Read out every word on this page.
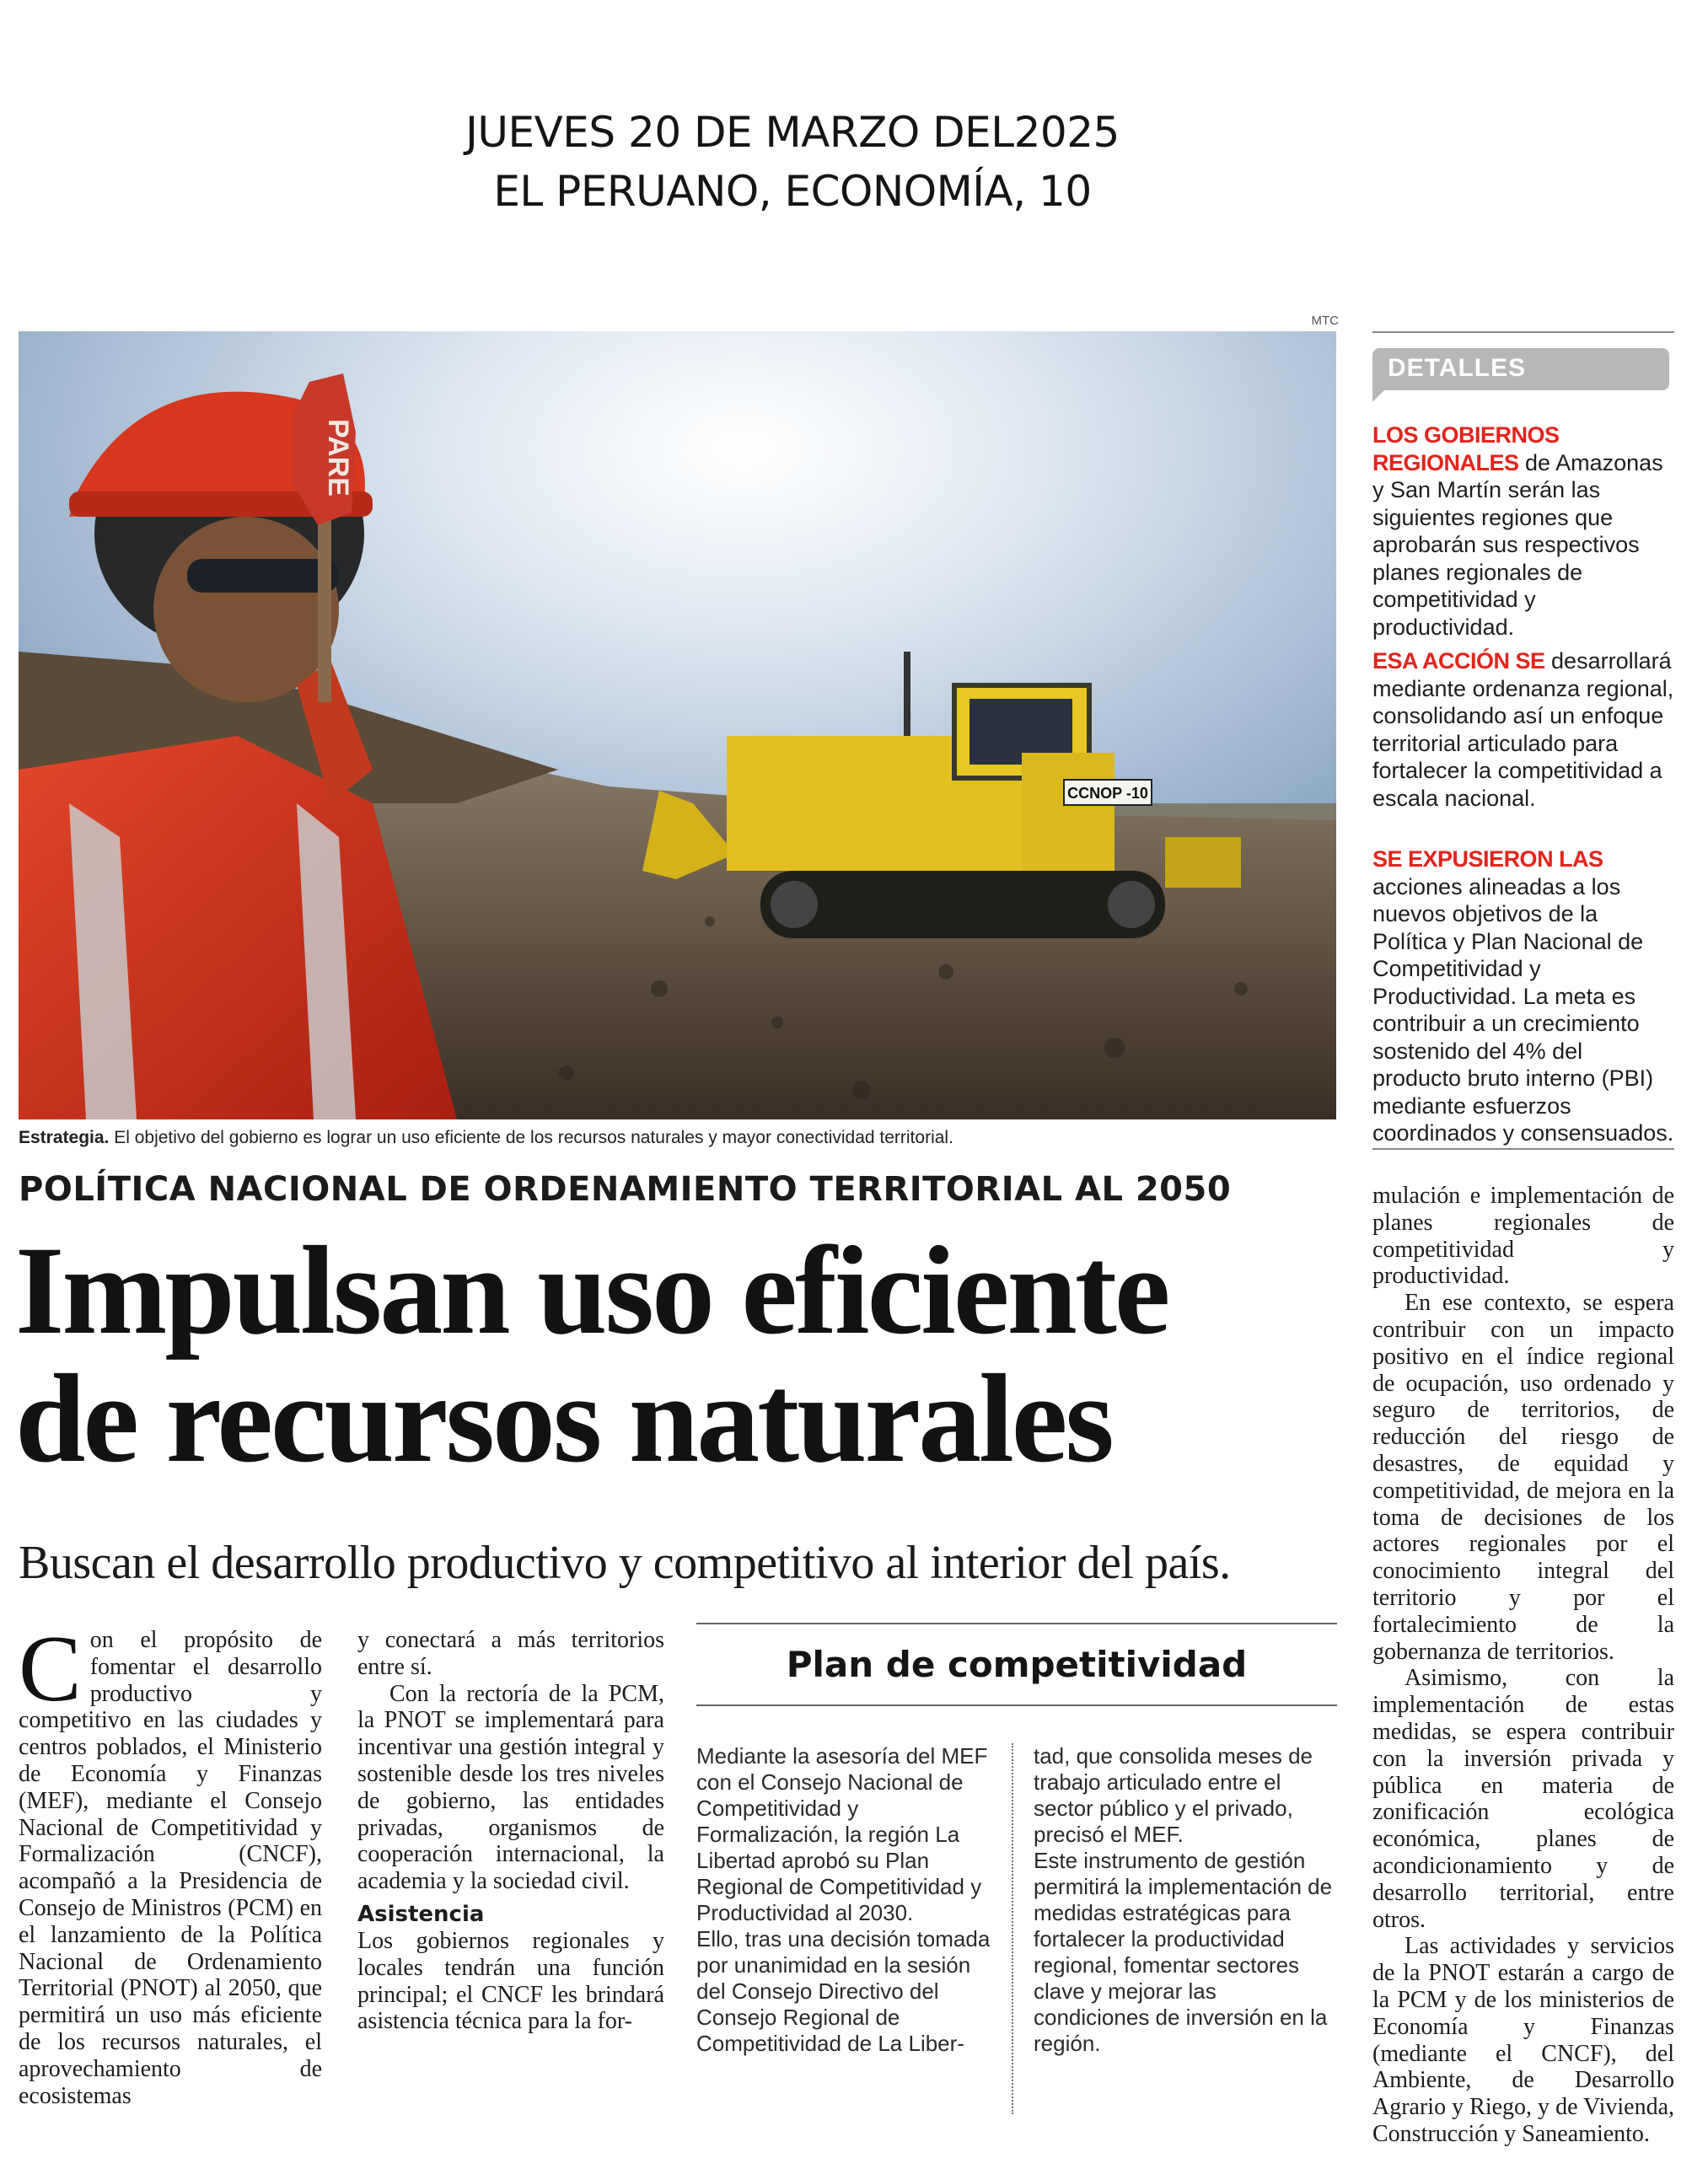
JUEVES 20 DE MARZO DEL2025
EL PERUANO, ECONOMÍA, 10
MTC
CCNOP -10
PARE
Estrategia. El objetivo del gobierno es lograr un uso eficiente de los recursos naturales y mayor conectividad territorial.
POLÍTICA NACIONAL DE ORDENAMIENTO TERRITORIAL AL 2050
Impulsan uso eficiente
de recursos naturales
Buscan el desarrollo productivo y competitivo al interior del país.
C on el propósito de fomentar el desarrollo productivo y competitivo en las ciudades y centros poblados, el Ministerio de Economía y Finanzas (MEF), mediante el Consejo Nacional de Competitividad y Formalización (CNCF), acompañó a la Presidencia de Consejo de Ministros (PCM) en el lanzamiento de la Política Nacional de Ordenamiento Territorial (PNOT) al 2050, que permitirá un uso más eficiente de los recursos naturales, el aprovechamiento de ecosistemas

y conectará a más territorios entre sí.

Con la rectoría de la PCM, la PNOT se implementará para incentivar una gestión integral y sostenible desde los tres niveles de gobierno, las entidades privadas, organismos de cooperación internacional, la academia y la sociedad civil.

Asistencia

Los gobiernos regionales y locales tendrán una función principal; el CNCF les brindará asistencia técnica para la for-

Plan de competitividad

Mediante la asesoría del MEF con el Consejo Nacional de Competitividad y Formalización, la región La Libertad aprobó su Plan Regional de Competitividad y Productividad al 2030.

Ello, tras una decisión tomada por unanimidad en la sesión del Consejo Directivo del Consejo Regional de Competitividad de La Liber-

tad, que consolida meses de trabajo articulado entre el sector público y el privado, precisó el MEF.

Este instrumento de gestión permitirá la implementación de medidas estratégicas para fortalecer la productividad regional, fomentar sectores clave y mejorar las condiciones de inversión en la región.

DETALLES

LOS GOBIERNOS REGIONALES de Amazonas y San Martín serán las siguientes regiones que aprobarán sus respectivos planes regionales de competitividad y productividad.

ESA ACCIÓN SE desarrollará mediante ordenanza regional, consolidando así un enfoque territorial articulado para fortalecer la competitividad a escala nacional.

SE EXPUSIERON LAS acciones alineadas a los nuevos objetivos de la Política y Plan Nacional de Competitividad y Productividad. La meta es contribuir a un crecimiento sostenido del 4% del producto bruto interno (PBI) mediante esfuerzos coordinados y consensuados.

mulación e implementación de planes regionales de competitividad y productividad.

En ese contexto, se espera contribuir con un impacto positivo en el índice regional de ocupación, uso ordenado y seguro de territorios, de reducción del riesgo de desastres, de equidad y competitividad, de mejora en la toma de decisiones de los actores regionales por el conocimiento integral del territorio y por el fortalecimiento de la gobernanza de territorios.

Asimismo, con la implementación de estas medidas, se espera contribuir con la inversión privada y pública en materia de zonificación ecológica económica, planes de acondicionamiento y de desarrollo territorial, entre otros.

Las actividades y servicios de la PNOT estarán a cargo de la PCM y de los ministerios de Economía y Finanzas (mediante el CNCF), del Ambiente, de Desarrollo Agrario y Riego, y de Vivienda, Construcción y Saneamiento.
